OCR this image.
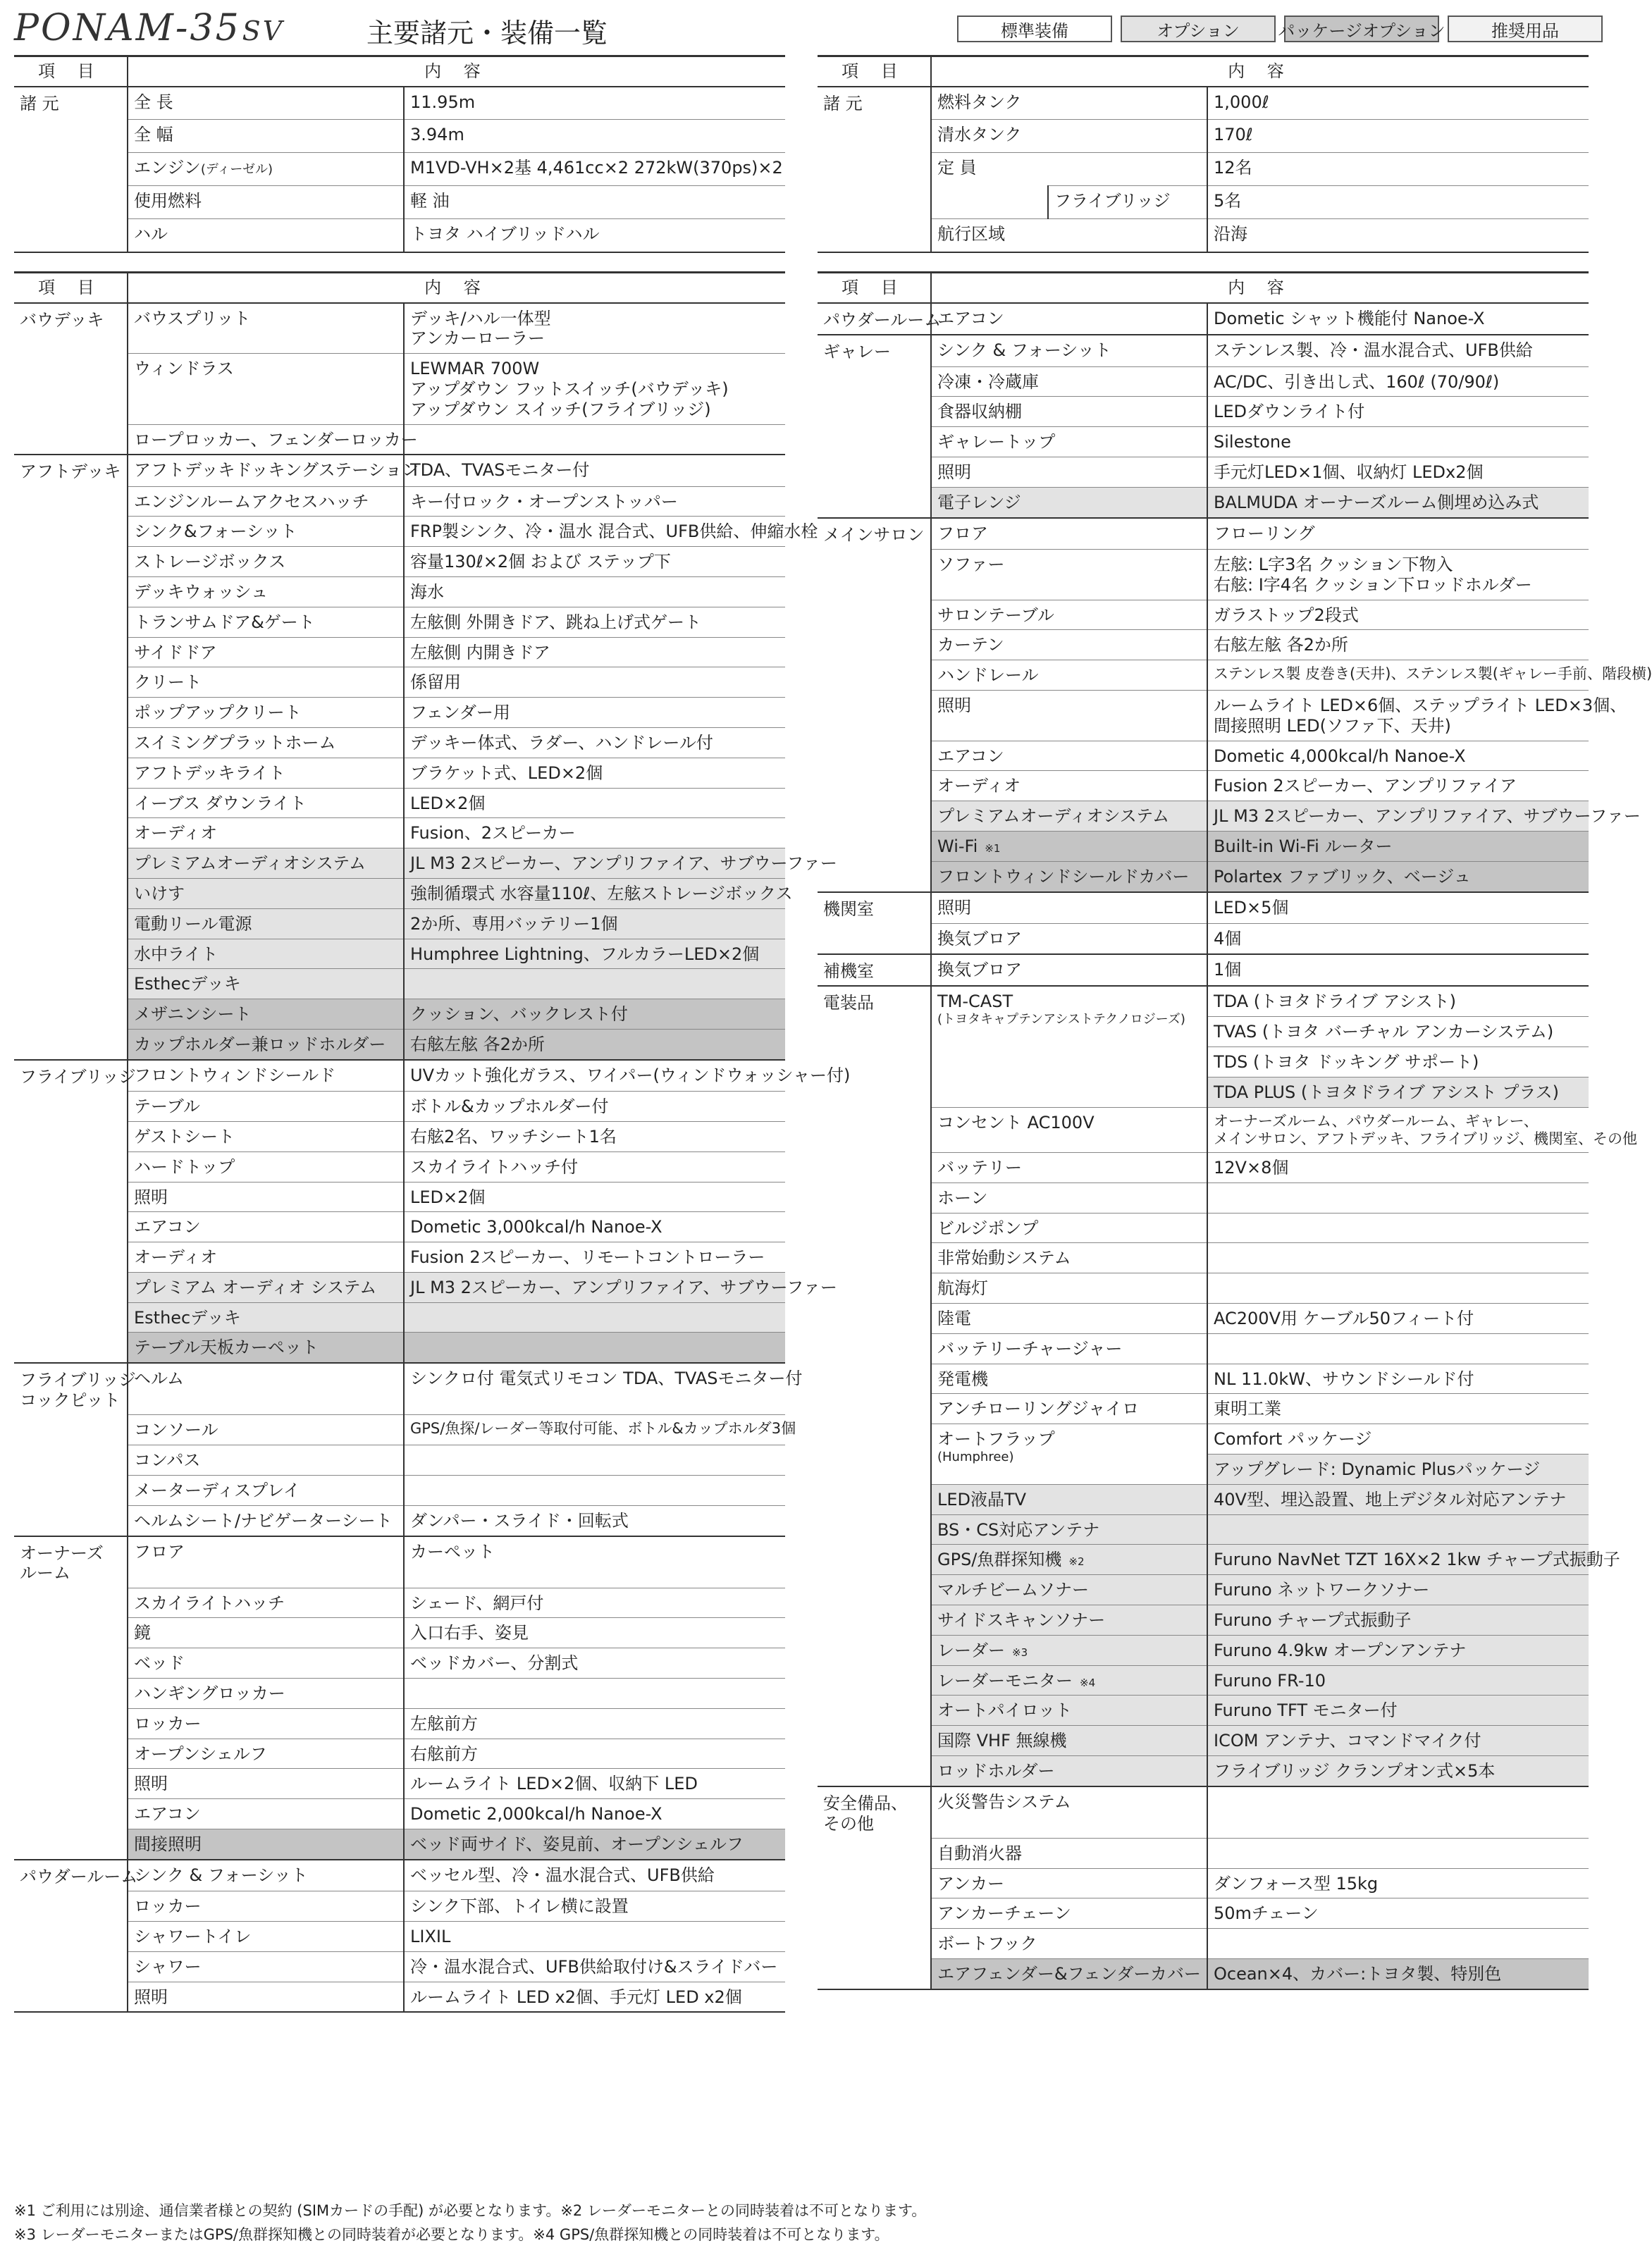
PONAM-35SV	主要諸元・装備一覧	標準装備	オプション	パッケージオプション	推奨用品
項 目	内 容	
諸 元	全 長	11.95m
	全 幅	3.94m
	エンジン(ディーゼル)	M1VD-VH×2基 4,461cc×2 272kW(370ps)×2
	使用燃料	軽 油
	ハル	トヨタ ハイブリッドハル
項 目	内 容	

バウデッキ	バウスプリット	デッキ/ハル一体型
アンカーローラー

	ウィンドラス	LEWMAR 700W
アップダウン フットスイッチ(バウデッキ)
アップダウン スイッチ(フライブリッジ)

	ロープロッカー、フェンダーロッカー	

アフトデッキ	アフトデッキドッキングステーション	TDA、TVASモニター付

	エンジンルームアクセスハッチ	キー付ロック・オープンストッパー

	シンク&フォーシット	FRP製シンク、冷・温水 混合式、UFB供給、伸縮水栓

	ストレージボックス	容量130ℓ×2個 および ステップ下

	デッキウォッシュ	海水

	トランサムドア&ゲート	左舷側 外開きドア、跳ね上げ式ゲート

	サイドドア	左舷側 内開きドア

	クリート	係留用

	ポップアップクリート	フェンダー用

	スイミングプラットホーム	デッキー体式、ラダー、ハンドレール付

	アフトデッキライト	ブラケット式、LED×2個

	イーブス ダウンライト	LED×2個

	オーディオ	Fusion、2スピーカー

	プレミアムオーディオシステム	JL M3 2スピーカー、アンプリファイア、サブウーファー

	いけす	強制循環式 水容量110ℓ、左舷ストレージボックス

	電動リール電源	2か所、専用バッテリー1個

	水中ライト	Humphree Lightning、フルカラーLED×2個

	Esthecデッキ	

	メザニンシート	クッション、バックレスト付

	カップホルダー兼ロッドホルダー	右舷左舷 各2か所

フライブリッジ	フロントウィンドシールド	UVカット強化ガラス、ワイパー(ウィンドウォッシャー付)

	テーブル	ボトル&カップホルダー付

	ゲストシート	右舷2名、ワッチシート1名

	ハードトップ	スカイライトハッチ付

	照明	LED×2個

	エアコン	Dometic 3,000kcal/h Nanoe-X

	オーディオ	Fusion 2スピーカー、リモートコントローラー

	プレミアム オーディオ システム	JL M3 2スピーカー、アンプリファイア、サブウーファー

	Esthecデッキ	

	テーブル天板カーペット	

フライブリッジ
コックピット	ヘルム	シンクロ付 電気式リモコン TDA、TVASモニター付

	コンソール	GPS/魚探/レーダー等取付可能、ボトル&カップホルダ3個

	コンパス	

	メーターディスプレイ	

	ヘルムシート/ナビゲーターシート	ダンパー・スライド・回転式

オーナーズ
ルーム	フロア	カーペット

	スカイライトハッチ	シェード、網戸付

	鏡	入口右手、姿見

	ベッド	ベッドカバー、分割式

	ハンギングロッカー	

	ロッカー	左舷前方

	オープンシェルフ	右舷前方

	照明	ルームライト LED×2個、収納下 LED

	エアコン	Dometic 2,000kcal/h Nanoe-X

	間接照明	ベッド両サイド、姿見前、オープンシェルフ

パウダールーム	シンク & フォーシット	ベッセル型、冷・温水混合式、UFB供給

	ロッカー	シンク下部、トイレ横に設置

	シャワートイレ	LIXIL

	シャワー	冷・温水混合式、UFB供給取付け&スライドバー

	照明	ルームライト LED x2個、手元灯 LED x2個
項 目	内 容		
諸 元	燃料タンク		1,000ℓ
	清水タンク		170ℓ
	定 員		12名
		フライブリッジ	5名
	航行区域		沿海
項 目	内 容	

パウダールーム	エアコン	Dometic シャット機能付 Nanoe-X

ギャレー	シンク & フォーシット	ステンレス製、冷・温水混合式、UFB供給

	冷凍・冷蔵庫	AC/DC、引き出し式、160ℓ (70/90ℓ)

	食器収納棚	LEDダウンライト付

	ギャレートップ	Silestone

	照明	手元灯LED×1個、収納灯 LEDx2個

	電子レンジ	BALMUDA オーナーズルーム側埋め込み式

メインサロン	フロア	フローリング

	ソファー	左舷: L字3名 クッション下物入
右舷: I字4名 クッション下ロッドホルダー

	サロンテーブル	ガラストップ2段式

	カーテン	右舷左舷 各2か所

	ハンドレール	ステンレス製 皮巻き(天井)、ステンレス製(ギャレー手前、階段横)

	照明	ルームライト LED×6個、ステップライト LED×3個、
間接照明 LED(ソファ下、天井)

	エアコン	Dometic 4,000kcal/h Nanoe-X

	オーディオ	Fusion 2スピーカー、アンプリファイア

	プレミアムオーディオシステム	JL M3 2スピーカー、アンプリファイア、サブウーファー

	Wi-Fi ※1	Built-in Wi-Fi ルーター

	フロントウィンドシールドカバー	Polartex ファブリック、ベージュ

機関室	照明	LED×5個

	換気ブロア	4個

補機室	換気ブロア	1個

電装品	TM-CAST
(トヨタキャプテンアシストテクノロジーズ)	TDA (トヨタドライブ アシスト)
		TVAS (トヨタ バーチャル アンカーシステム)
		TDS (トヨタ ドッキング サポート)
		TDA PLUS (トヨタドライブ アシスト プラス)
	コンセント AC100V	オーナーズルーム、パウダールーム、ギャレー、
メインサロン、アフトデッキ、フライブリッジ、機関室、その他

	バッテリー	12V×8個

	ホーン	

	ビルジポンプ	

	非常始動システム	

	航海灯	

	陸電	AC200V用 ケーブル50フィート付

	バッテリーチャージャー	

	発電機	NL 11.0kW、サウンドシールド付

	アンチローリングジャイロ	東明工業

	オートフラップ
(Humphree)	Comfort パッケージ
		アップグレード: Dynamic Plusパッケージ
	LED液晶TV	40V型、埋込設置、地上デジタル対応アンテナ

	BS・CS対応アンテナ	

	GPS/魚群探知機 ※2	Furuno NavNet TZT 16X×2 1kw チャープ式振動子

	マルチビームソナー	Furuno ネットワークソナー

	サイドスキャンソナー	Furuno チャープ式振動子

	レーダー ※3	Furuno 4.9kw オープンアンテナ

	レーダーモニター ※4	Furuno FR-10

	オートパイロット	Furuno TFT モニター付

	国際 VHF 無線機	ICOM アンテナ、コマンドマイク付

	ロッドホルダー	フライブリッジ クランプオン式×5本

安全備品、
その他	火災警告システム	

	自動消火器	

	アンカー	ダンフォース型 15kg

	アンカーチェーン	50mチェーン

	ボートフック	

	エアフェンダー&フェンダーカバー	Ocean×4、カバー:トヨタ製、特別色
※1 ご利用には別途、通信業者様との契約 (SIMカードの手配) が必要となります。※2 レーダーモニターとの同時装着は不可となります。
※3 レーダーモニターまたはGPS/魚群探知機との同時装着が必要となります。※4 GPS/魚群探知機との同時装着は不可となります。
